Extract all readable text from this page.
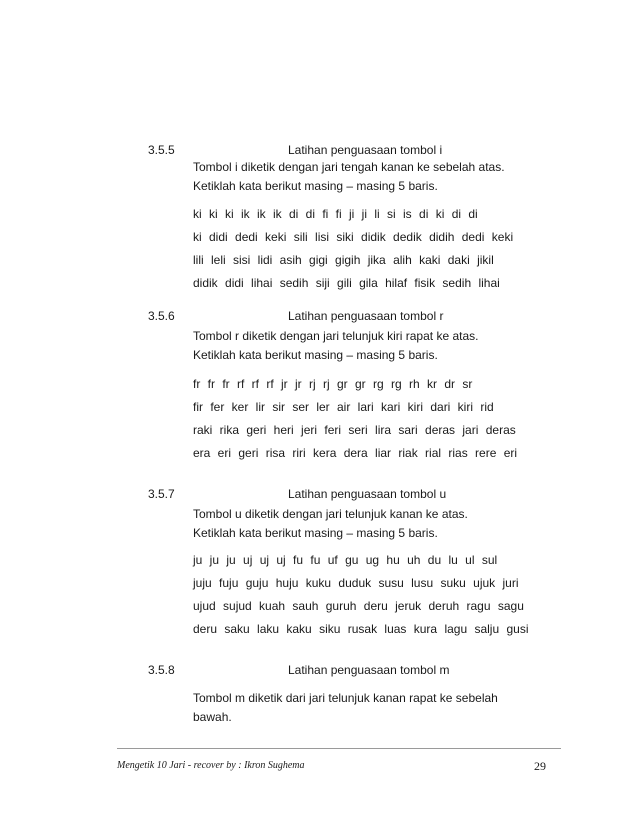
3.5.5	Latihan penguasaan tombol i
Tombol i diketik dengan jari tengah kanan ke sebelah atas.
Ketiklah kata berikut masing – masing 5 baris.
ki ki ki ik ik ik di di fi fi ji ji li si is di ki di di
ki didi dedi keki sili lisi siki didik dedik didih dedi keki
lili leli sisi lidi asih gigi gigih jika alih kaki daki jikil
didik didi lihai sedih siji gili gila hilaf fisik sedih lihai
3.5.6	Latihan penguasaan tombol r
Tombol r diketik dengan jari telunjuk kiri rapat ke atas.
Ketiklah kata berikut masing – masing 5 baris.
fr fr fr rf rf rf jr jr rj rj gr gr rg rg rh kr dr sr
fir fer ker lir sir ser ler air lari kari kiri dari kiri rid
raki rika geri heri jeri feri seri lira sari deras jari deras
era eri geri risa riri kera dera liar riak rial rias rere eri
3.5.7	Latihan penguasaan tombol u
Tombol u diketik dengan jari telunjuk kanan ke atas.
Ketiklah kata berikut masing – masing 5 baris.
ju ju ju uj uj uj fu fu uf gu ug hu uh du lu ul sul
juju fuju guju huju kuku duduk susu lusu suku ujuk juri
ujud sujud kuah sauh guruh deru jeruk deruh ragu sagu
deru saku laku kaku siku rusak luas kura lagu salju gusi
3.5.8	Latihan penguasaan tombol m
Tombol m diketik dari jari telunjuk kanan rapat ke sebelah
bawah.
Mengetik 10 Jari - recover by : Ikron Sughema	29
